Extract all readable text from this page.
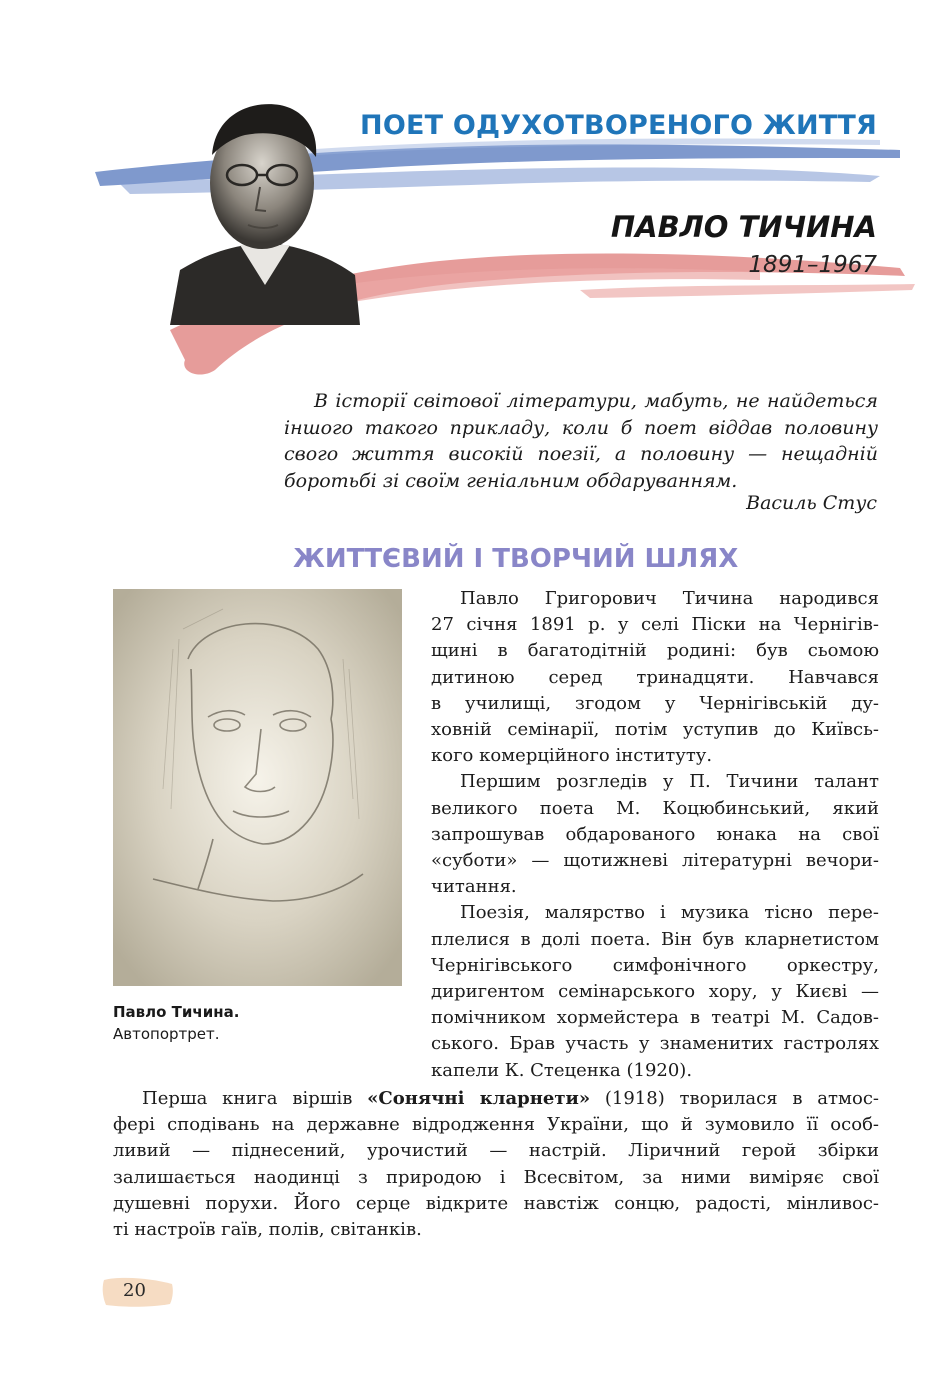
ПОЕТ ОДУХОТВОРЕНОГО ЖИТТЯ
ПАВЛО ТИЧИНА
1891–1967
В історії світової літератури, мабуть, не найдеться
іншого такого прикладу, коли б поет віддав половину
свого життя високій поезії, а половину — нещадній
боротьбі зі своїм геніальним обдаруванням.
Василь Стус
ЖИТТЄВИЙ І ТВОРЧИЙ ШЛЯХ
Павло Тичина.
Автопортрет.
Павло Григорович Тичина народився
27 січня 1891 р. у селі Піски на Чернігів-
щині в багатодітній родині: був сьомою
дитиною серед тринадцяти. Навчався
в училищі, згодом у Чернігівській ду-
ховній семінарії, потім уступив до Київсь-
кого комерційного інституту.
Першим розгледів у П. Тичини талант
великого поета М. Коцюбинський, який
запрошував обдарованого юнака на свої
«суботи» — щотижневі літературні вечори-
читання.
Поезія, малярство і музика тісно пере-
плелися в долі поета. Він був кларнетистом
Чернігівського симфонічного оркестру,
диригентом семінарського хору, у Києві —
помічником хормейстера в театрі М. Садов-
ського. Брав участь у знаменитих гастролях
капели К. Стеценка (1920).
Перша книга віршів «Сонячні кларнети» (1918) творилася в атмос-
фері сподівань на державне відродження України, що й зумовило її особ-
ливий — піднесений, урочистий — настрій. Ліричний герой збірки
залишається наодинці з природою і Всесвітом, за ними виміряє свої
душевні порухи. Його серце відкрите навстіж сонцю, радості, мінливос-
ті настроїв гаїв, полів, світанків.
20
